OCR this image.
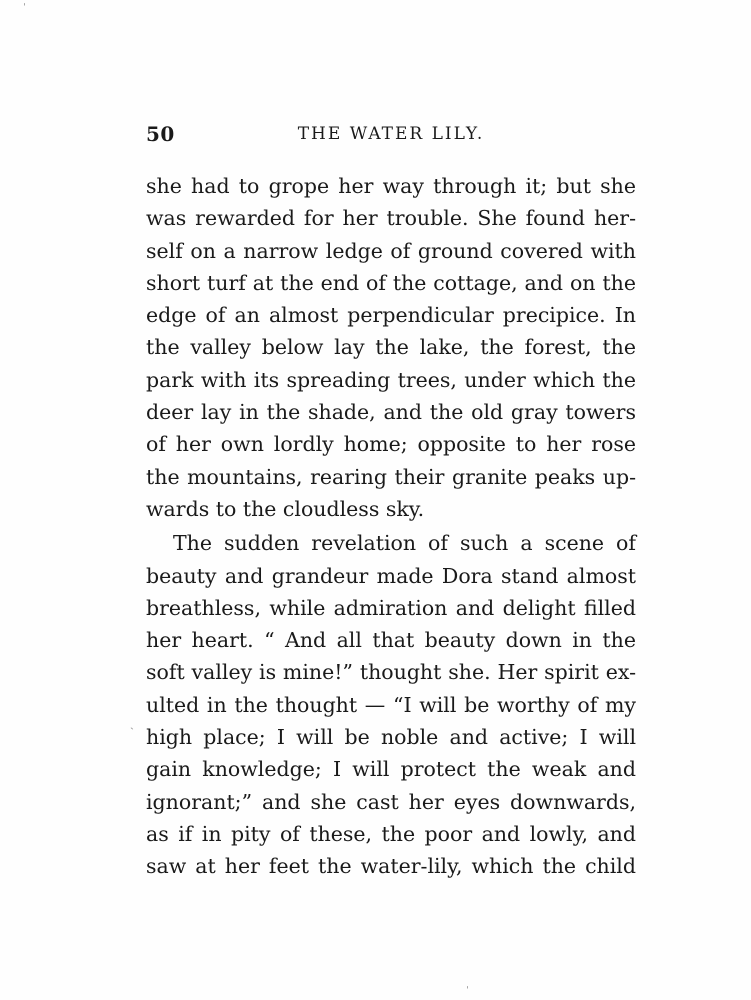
ˈ
ˎ
ˈ
50	THE WATER LILY.
she had to grope her way through it; but she
was rewarded for her trouble. She found her-
self on a narrow ledge of ground covered with
short turf at the end of the cottage, and on the
edge of an almost perpendicular precipice. In
the valley below lay the lake, the forest, the
park with its spreading trees, under which the
deer lay in the shade, and the old gray towers
of her own lordly home; opposite to her rose
the mountains, rearing their granite peaks up-
wards to the cloudless sky.
The sudden revelation of such a scene of
beauty and grandeur made Dora stand almost
breathless, while admiration and delight filled
her heart. “ And all that beauty down in the
soft valley is mine!” thought she. Her spirit ex-
ulted in the thought — “I will be worthy of my
high place; I will be noble and active; I will
gain knowledge; I will protect the weak and
ignorant;” and she cast her eyes downwards,
as if in pity of these, the poor and lowly, and
saw at her feet the water-lily, which the child
